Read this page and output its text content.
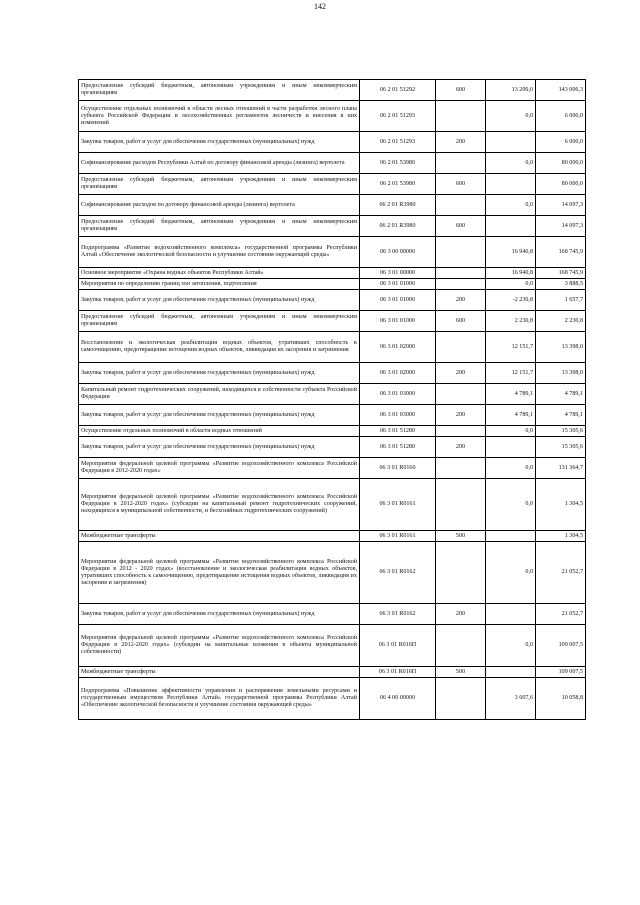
142
Предоставление субсидий бюджетным, автономным учреждениям и иным некоммерческим организациям	06 2 01 51292	600	13 200,0	143 006,3
Осуществление отдельных полномочий в области лесных отношений в части разработки лесного плана субъекта Российской Федерации и лесохозяйственных регламентов лесничеств и внесения в них изменений	06 2 01 51293		0,0	6 000,0
Закупка товаров, работ и услуг для обеспечения государственных (муниципальных) нужд	06 2 01 51293	200		6 000,0
Софинансирование расходов Республики Алтай по договору финансовой аренды (лизинга) вертолета	06 2 01 53980		0,0	80 000,0
Предоставление субсидий бюджетным, автономным учреждениям и иным некоммерческим организациям	06 2 01 53980	600		80 000,0
Софинансирование расходов по договору финансовой аренды (лизинга) вертолета	06 2 01 R3980		0,0	14 097,3
Предоставление субсидий бюджетным, автономным учреждениям и иным некоммерческим организациям	06 2 01 R3980	600		14 097,3
Подпрограмма «Развитие водохозяйственного комплекса» государственной программы Республики Алтай «Обеспечение экологической безопасности и улучшение состояния окружающей среды»	06 3 00 00000		16 940,8	168 745,9
Основное мероприятие «Охрана водных объектов Республики Алтай»	06 3 01 00000		16 940,8	168 745,9
Мероприятия по определению границ зон затопления, подтопления	06 3 01 01000		0,0	3 888,5
Закупка товаров, работ и услуг для обеспечения государственных (муниципальных) нужд	06 3 01 01000	200	-2 230,8	1 657,7
Предоставление субсидий бюджетным, автономным учреждениям и иным некоммерческим организациям	06 3 01 01000	600	2 230,8	2 230,8
Восстановление и экологическая реабилитация водных объектов, утративших способность к самоочищению, предотвращение истощения водных объектов, ликвидация их засорения и загрязнения	06 3 01 02000		12 151,7	13 398,0
Закупка товаров, работ и услуг для обеспечения государственных (муниципальных) нужд	06 3 01 02000	200	12 151,7	13 398,0
Капитальный ремонт гидротехнических сооружений, находящихся в собственности субъекта Российской Федерации	06 3 01 03000		4 789,1	4 789,1
Закупка товаров, работ и услуг для обеспечения государственных (муниципальных) нужд	06 3 01 03000	200	4 789,1	4 789,1
Осуществление отдельных полномочий в области водных отношений	06 3 01 51280		0,0	15 305,6
Закупка товаров, работ и услуг для обеспечения государственных (муниципальных) нужд	06 3 01 51280	200		15 305,6
Мероприятия федеральной целевой программы «Развитие водохозяйственного комплекса Российской Федерации в 2012-2020 годах»	06 3 01 R0160		0,0	131 364,7
Мероприятия федеральной целевой программы «Развитие водохозяйственного комплекса Российской Федерации в 2012-2020 годах» (субсидии на капитальный ремонт гидротехнических сооружений, находящихся в муниципальной собственности, и бесхозяйных гидротехнических сооружений)	06 3 01 R0161		0,0	1 304,5
Межбюджетные трансферты	06 3 01 R0161	500		1 304,5
Мероприятия федеральной целевой программы «Развитие водохозяйственного комплекса Российской Федерации в 2012 - 2020 годах» (восстановление и экологическая реабилитация водных объектов, утративших способность к самоочищению, предотвращение истощения водных объектов, ликвидация их засорения и загрязнения)	06 3 01 R0162		0,0	21 052,7
Закупка товаров, работ и услуг для обеспечения государственных (муниципальных) нужд	06 3 01 R0162	200		21 052,7
Мероприятия федеральной целевой программы «Развитие водохозяйственного комплекса Российской Федерации в 2012-2020 годах» (субсидии на капитальные вложения в объекты муниципальной собственности)	06 3 01 R016П		0,0	109 007,5
Межбюджетные трансферты	06 3 01 R016П	500		109 007,5
Подпрограмма «Повышение эффективности управления и распоряжения земельными ресурсами и государственным имуществом Республики Алтай» государственной программы Республики Алтай «Обеспечение экологической безопасности и улучшение состояния окружающей среды»	06 4 00 00000		3 607,6	10 058,8
